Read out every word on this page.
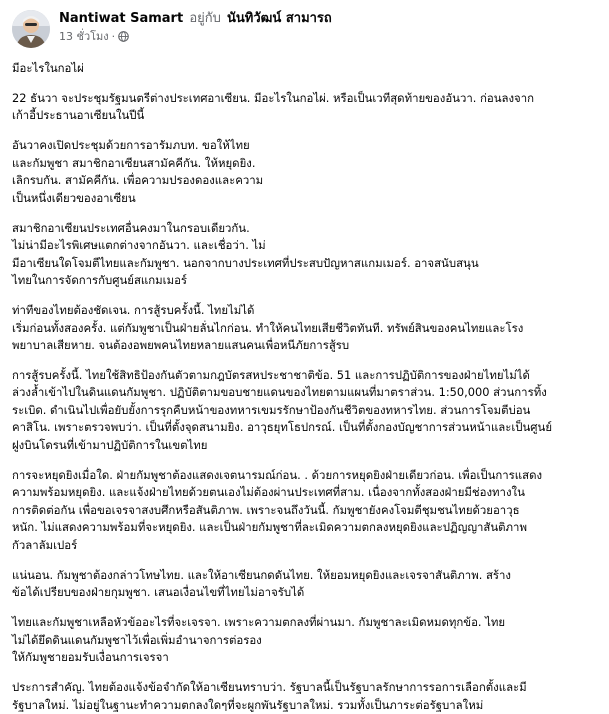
Nantiwat Samart อยู่กับ นันทิวัฒน์ สามารถ
13 ชั่วโมง ·

มีอะไรในกอไผ่

22 ธันวา จะประชุมรัฐมนตรีต่างประเทศอาเซียน. มีอะไรในกอไผ่. หรือเป็นเวทีสุดท้ายของอันวา. ก่อนลงจาก
เก้าอี้ประธานอาเซียนในปีนี้

อันวาคงเปิดประชุมด้วยการอารัมภบท. ขอให้ไทย
และกัมพูชา สมาชิกอาเซียนสามัคคีกัน. ให้หยุดยิง.
เลิกรบกัน. สามัคคีกัน. เพื่อความปรองดองและความ
เป็นหนึ่งเดียวของอาเซียน

สมาชิกอาเซียนประเทศอื่นคงมาในกรอบเดียวกัน.
ไม่น่ามีอะไรพิเศษแตกต่างจากอันวา. และเชื่อว่า. ไม่
มีอาเซียนใดโจมตีไทยและกัมพูชา. นอกจากบางประเทศที่ประสบปัญหาสแกมเมอร์. อาจสนับสนุน
ไทยในการจัดการกับศูนย์สแกมเมอร์

ท่าทีของไทยต้องชัดเจน. การสู้รบครั้งนี้. ไทยไม่ได้
เริ่มก่อนทั้งสองครั้ง. แต่กัมพูชาเป็นฝ่ายลั่นไกก่อน. ทำให้คนไทยเสียชีวิตทันที. ทรัพย์สินของคนไทยและโรง
พยาบาลเสียหาย. จนต้องอพยพคนไทยหลายแสนคนเพื่อหนีภัยการสู้รบ

การสู้รบครั้งนี้. ไทยใช้สิทธิป้องกันตัวตามกฎบัตรสหประชาชาติข้อ. 51 และการปฏิบัติการของฝ่ายไทยไม่ได้
ล่วงล้ำเข้าไปในดินแดนกัมพูชา. ปฏิบัติตามขอบชายแดนของไทยตามแผนที่มาตราส่วน. 1:50,000 ส่วนการทิ้ง
ระเบิด. ดำเนินไปเพื่อยับยั้งการรุกคืบหน้าของทหารเขมรรักษาป้องกันชีวิตของทหารไทย. ส่วนการโจมตีบ่อน
คาสิโน. เพราะตรวจพบว่า. เป็นที่ตั้งจุดสนามยิง. อาวุธยุทโธปกรณ์. เป็นที่ตั้งกองบัญชาการส่วนหน้าและเป็นศูนย์
ฝูงบินโดรนที่เข้ามาปฏิบัติการในเขตไทย

การจะหยุดยิงเมื่อใด. ฝ่ายกัมพูชาต้องแสดงเจตนารมณ์ก่อน. . ด้วยการหยุดยิงฝ่ายเดียวก่อน. เพื่อเป็นการแสดง
ความพร้อมหยุดยิง. และแจ้งฝ่ายไทยด้วยตนเองไม่ต้องผ่านประเทศที่สาม. เนื่องจากทั้งสองฝ่ายมีช่องทางใน
การติดต่อกัน เพื่อขอเจรจาสงบศึกหรือสันติภาพ. เพราะจนถึงวันนี้. กัมพูชายังคงโจมตีชุมชนไทยด้วยอาวุธ
หนัก. ไม่แสดงความพร้อมที่จะหยุดยิง. และเป็นฝ่ายกัมพูชาที่ละเมิดความตกลงหยุดยิงและปฏิญญาสันติภาพ
กัวลาลัมเปอร์

แน่นอน. กัมพูชาต้องกล่าวโทษไทย. และให้อาเซียนกดดันไทย. ให้ยอมหยุดยิงและเจรจาสันติภาพ. สร้าง
ข้อได้เปรียบของฝ่ายกุมพูชา. เสนอเงื่อนไขที่ไทยไม่อาจรับได้

ไทยและกัมพูชาเหลือหัวข้ออะไรที่จะเจรจา. เพราะความตกลงที่ผ่านมา. กัมพูชาละเมิดหมดทุกข้อ. ไทย
ไม่ได้ยึดดินแดนกัมพูชาไว้เพื่อเพิ่มอำนาจการต่อรอง
ให้กัมพูชายอมรับเงื่อนการเจรจา

ประการสำคัญ. ไทยต้องแจ้งข้อจำกัดให้อาเซียนทราบว่า. รัฐบาลนี้เป็นรัฐบาลรักษาการรอการเลือกตั้งและมี
รัฐบาลใหม่. ไม่อยู่ในฐานะทำความตกลงใดๆที่จะผูกพันรัฐบาลใหม่. รวมทั้งเป็นภาระต่อรัฐบาลใหม่
